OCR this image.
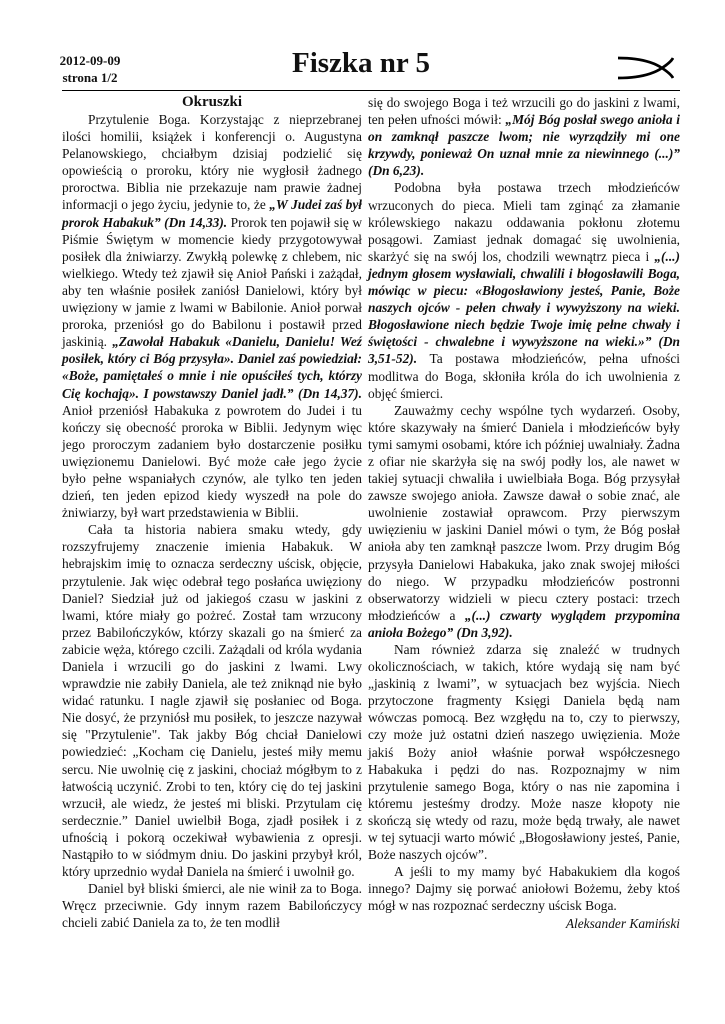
2012-09-09
strona 1/2	Fiszka nr 5
Okruszki

Przytulenie Boga. Korzystając z nieprzebranej ilości homilii, książek i konferencji o. Augustyna Pelanowskiego, chciałbym dzisiaj podzielić się opowieścią o proroku, który nie wygłosił żadnego proroctwa. Biblia nie przekazuje nam prawie żadnej informacji o jego życiu, jedynie to, że „W Judei zaś był prorok Habakuk” (Dn 14,33). Prorok ten pojawił się w Piśmie Świętym w momencie kiedy przygotowywał posiłek dla żniwiarzy. Zwykłą polewkę z chlebem, nic wielkiego. Wtedy też zjawił się Anioł Pański i zażądał, aby ten właśnie posiłek zaniósł Danielowi, który był uwięziony w jamie z lwami w Babilonie. Anioł porwał proroka, przeniósł go do Babilonu i postawił przed jaskinią. „Zawołał Habakuk «Danielu, Danielu! Weź posiłek, który ci Bóg przysyła». Daniel zaś powiedział: «Boże, pamiętałeś o mnie i nie opuściłeś tych, którzy Cię kochają». I powstawszy Daniel jadł.” (Dn 14,37). Anioł przeniósł Habakuka z powrotem do Judei i tu kończy się obecność proroka w Biblii. Jedynym więc jego proroczym zadaniem było dostarczenie posiłku uwięzionemu Danielowi. Być może całe jego życie było pełne wspaniałych czynów, ale tylko ten jeden dzień, ten jeden epizod kiedy wyszedł na pole do żniwiarzy, był wart przedstawienia w Biblii.

Cała ta historia nabiera smaku wtedy, gdy rozszyfrujemy znaczenie imienia Habakuk. W hebrajskim imię to oznacza serdeczny uścisk, objęcie, przytulenie. Jak więc odebrał tego posłańca uwięziony Daniel? Siedział już od jakiegoś czasu w jaskini z lwami, które miały go pożreć. Został tam wrzucony przez Babilończyków, którzy skazali go na śmierć za zabicie węża, którego czcili. Zażądali od króla wydania Daniela i wrzucili go do jaskini z lwami. Lwy wprawdzie nie zabiły Daniela, ale też zniknąd nie było widać ratunku. I nagle zjawił się posłaniec od Boga. Nie dosyć, że przyniósł mu posiłek, to jeszcze nazywał się "Przytulenie". Tak jakby Bóg chciał Danielowi powiedzieć: „Kocham cię Danielu, jesteś miły memu sercu. Nie uwolnię cię z jaskini, chociaż mógłbym to z łatwością uczynić. Zrobi to ten, który cię do tej jaskini wrzucił, ale wiedz, że jesteś mi bliski. Przytulam cię serdecznie.” Daniel uwielbił Boga, zjadł posiłek i z ufnością i pokorą oczekiwał wybawienia z opresji. Nastąpiło to w siódmym dniu. Do jaskini przybył król, który uprzednio wydał Daniela na śmierć i uwolnił go.

Daniel był bliski śmierci, ale nie winił za to Boga. Wręcz przeciwnie. Gdy innym razem Babilończycy chcieli zabić Daniela za to, że ten modlił

się do swojego Boga i też wrzucili go do jaskini z lwami, ten pełen ufności mówił: „Mój Bóg posłał swego anioła i on zamknął paszcze lwom; nie wyrządziły mi one krzywdy, ponieważ On uznał mnie za niewinnego (...)” (Dn 6,23).

Podobna była postawa trzech młodzieńców wrzuconych do pieca. Mieli tam zginąć za złamanie królewskiego nakazu oddawania pokłonu złotemu posągowi. Zamiast jednak domagać się uwolnienia, skarżyć się na swój los, chodzili wewnątrz pieca i „(...) jednym głosem wysławiali, chwalili i błogosławili Boga, mówiąc w piecu: «Błogosławiony jesteś, Panie, Boże naszych ojców - pełen chwały i wywyższony na wieki. Błogosławione niech będzie Twoje imię pełne chwały i świętości - chwalebne i wywyższone na wieki.»” (Dn 3,51-52). Ta postawa młodzieńców, pełna ufności modlitwa do Boga, skłoniła króla do ich uwolnienia z objęć śmierci.

Zauważmy cechy wspólne tych wydarzeń. Osoby, które skazywały na śmierć Daniela i młodzieńców były tymi samymi osobami, które ich później uwalniały. Żadna z ofiar nie skarżyła się na swój podły los, ale nawet w takiej sytuacji chwaliła i uwielbiała Boga. Bóg przysyłał zawsze swojego anioła. Zawsze dawał o sobie znać, ale uwolnienie zostawiał oprawcom. Przy pierwszym uwięzieniu w jaskini Daniel mówi o tym, że Bóg posłał anioła aby ten zamknął paszcze lwom. Przy drugim Bóg przysyła Danielowi Habakuka, jako znak swojej miłości do niego. W przypadku młodzieńców postronni obserwatorzy widzieli w piecu cztery postaci: trzech młodzieńców a „(...) czwarty wyglądem przypomina anioła Bożego” (Dn 3,92).

Nam również zdarza się znaleźć w trudnych okolicznościach, w takich, które wydają się nam być „jaskinią z lwami”, w sytuacjach bez wyjścia. Niech przytoczone fragmenty Księgi Daniela będą nam wówczas pomocą. Bez wzgłędu na to, czy to pierwszy, czy może już ostatni dzień naszego uwięzienia. Może jakiś Boży anioł właśnie porwał współczesnego Habakuka i pędzi do nas. Rozpoznajmy w nim przytulenie samego Boga, który o nas nie zapomina i któremu jesteśmy drodzy. Może nasze kłopoty nie skończą się wtedy od razu, może będą trwały, ale nawet w tej sytuacji warto mówić „Błogosławiony jesteś, Panie, Boże naszych ojców”.

A jeśli to my mamy być Habakukiem dla kogoś innego? Dajmy się porwać aniołowi Bożemu, żeby ktoś mógł w nas rozpoznać serdeczny uścisk Boga.

Aleksander Kamiński
